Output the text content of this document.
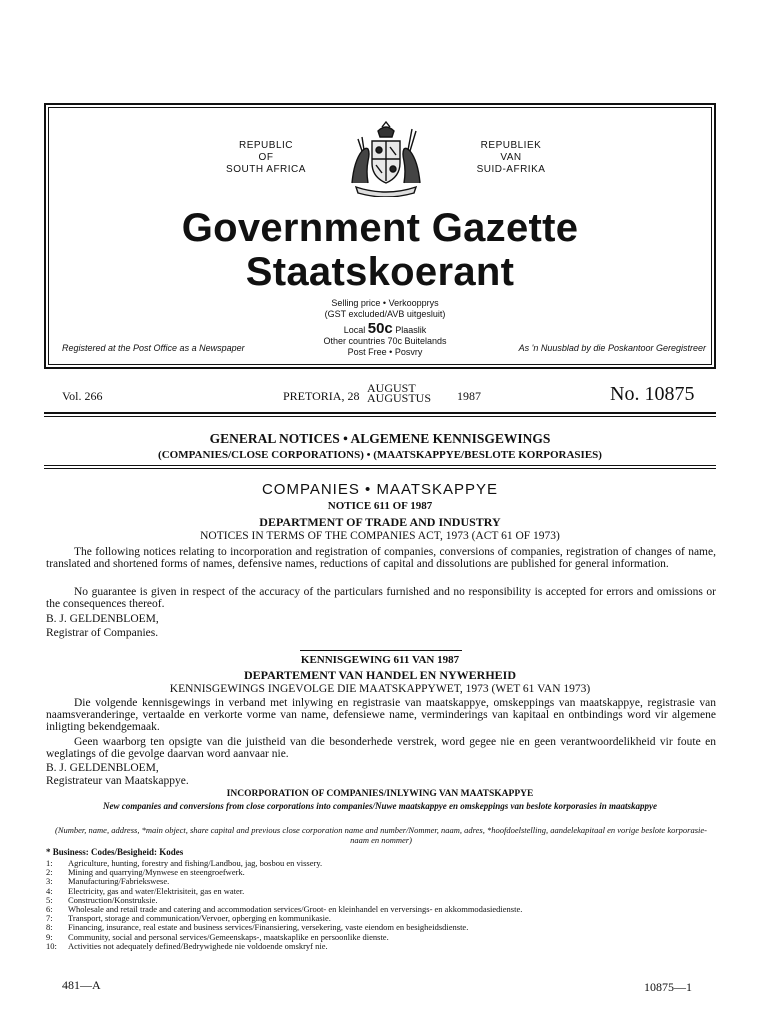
REPUBLIC
OF
SOUTH AFRICA
REPUBLIEK
VAN
SUID-AFRIKA
Government Gazette
Staatskoerant
Selling price • Verkoopprys
(GST excluded/AVB uitgesluit)
Local 50c Plaaslik
Other countries 70c Buitelands
Post Free • Posvry
Registered at the Post Office as a Newspaper	As 'n Nuusblad by die Poskantoor Geregistreer
Vol. 266	PRETORIA, 28
AUGUST
AUGUSTUS 1987	No. 10875
GENERAL NOTICES • ALGEMENE KENNISGEWINGS
(COMPANIES/CLOSE CORPORATIONS) • (MAATSKAPPYE/BESLOTE KORPORASIES)
COMPANIES • MAATSKAPPYE
NOTICE 611 OF 1987
DEPARTMENT OF TRADE AND INDUSTRY
NOTICES IN TERMS OF THE COMPANIES ACT, 1973 (ACT 61 OF 1973)
The following notices relating to incorporation and registration of companies, conversions of companies, registration of changes of name, translated and shortened forms of names, defensive names, reductions of capital and dissolutions are published for general information.
No guarantee is given in respect of the accuracy of the particulars furnished and no responsibility is accepted for errors and omissions or the consequences thereof.
B. J. GELDENBLOEM,
Registrar of Companies.
KENNISGEWING 611 VAN 1987
DEPARTEMENT VAN HANDEL EN NYWERHEID
KENNISGEWINGS INGEVOLGE DIE MAATSKAPPYWET, 1973 (WET 61 VAN 1973)
Die volgende kennisgewings in verband met inlywing en registrasie van maatskappye, omskeppings van maatskappye, registrasie van naamsveranderinge, vertaalde en verkorte vorme van name, defensiewe name, verminderings van kapitaal en ontbindings word vir algemene inligting bekendgemaak.
Geen waarborg ten opsigte van die juistheid van die besonderhede verstrek, word gegee nie en geen verantwoordelikheid vir foute en weglatings of die gevolge daarvan word aanvaar nie.
B. J. GELDENBLOEM,
Registrateur van Maatskappye.
INCORPORATION OF COMPANIES/INLYWING VAN MAATSKAPPYE
New companies and conversions from close corporations into companies/Nuwe maatskappye en omskeppings van beslote korporasies in maatskappye
(Number, name, address, *main object, share capital and previous close corporation name and number/Nommer, naam, adres, *hoofdoelstelling, aandelekapitaal en vorige beslote korporasie-naam en nommer)
* Business: Codes/Besigheid: Kodes
1: Agriculture, hunting, forestry and fishing/Landbou, jag, bosbou en vissery.
2: Mining and quarrying/Mynwese en steengroefwerk.
3: Manufacturing/Fabriekswese.
4: Electricity, gas and water/Elektrisiteit, gas en water.
5: Construction/Konstruksie.
6: Wholesale and retail trade and catering and accommodation services/Groot- en kleinhandel en verversings- en akkommodasiedienste.
7: Transport, storage and communication/Vervoer, opberging en kommunikasie.
8: Financing, insurance, real estate and business services/Finansiering, versekering, vaste eiendom en besigheidsdienste.
9: Community, social and personal services/Gemeenskaps-, maatskaplike en persoonlike dienste.
10: Activities not adequately defined/Bedrywighede nie voldoende omskryf nie.
481—A	10875—1
